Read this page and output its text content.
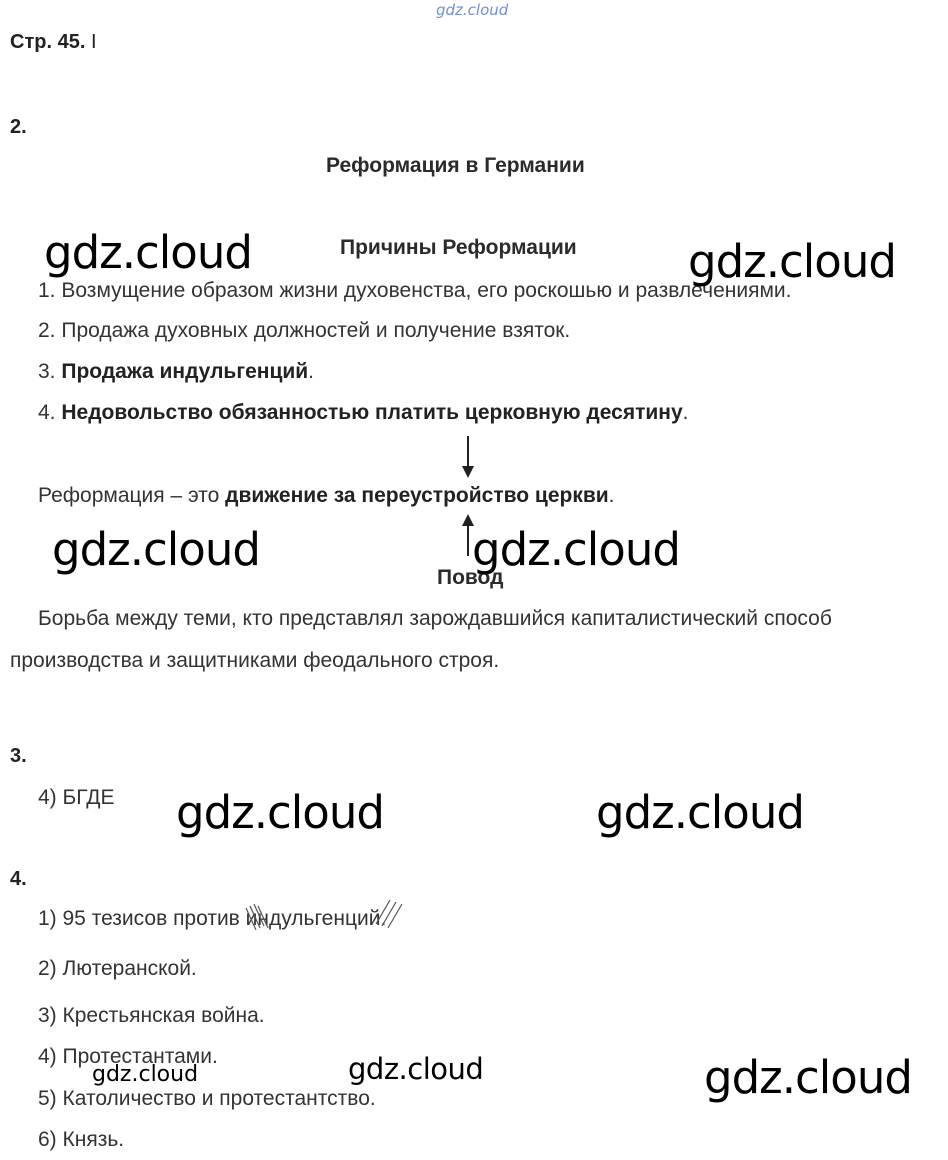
gdz.cloud
Стр. 45. I
2.
Реформация в Германии
Причины Реформации
1. Возмущение образом жизни духовенства, его роскошью и развлечениями.
2. Продажа духовных должностей и получение взяток.
3. Продажа индульгенций.
4. Недовольство обязанностью платить церковную десятину.
Реформация – это движение за переустройство церкви.
Повод
Борьба между теми, кто представлял зарождавшийся капиталистический способ
производства и защитниками феодального строя.
3.
4) БГДЕ
4.
1) 95 тезисов против индульгенций.
2) Лютеранской.
3) Крестьянская война.
4) Протестантами.
5) Католичество и протестантство.
6) Князь.
gdz.cloud	gdz.cloud
gdz.cloud	gdz.cloud
gdz.cloud	gdz.cloud
gdz.cloud
gdz.cloud
gdz.cloud
